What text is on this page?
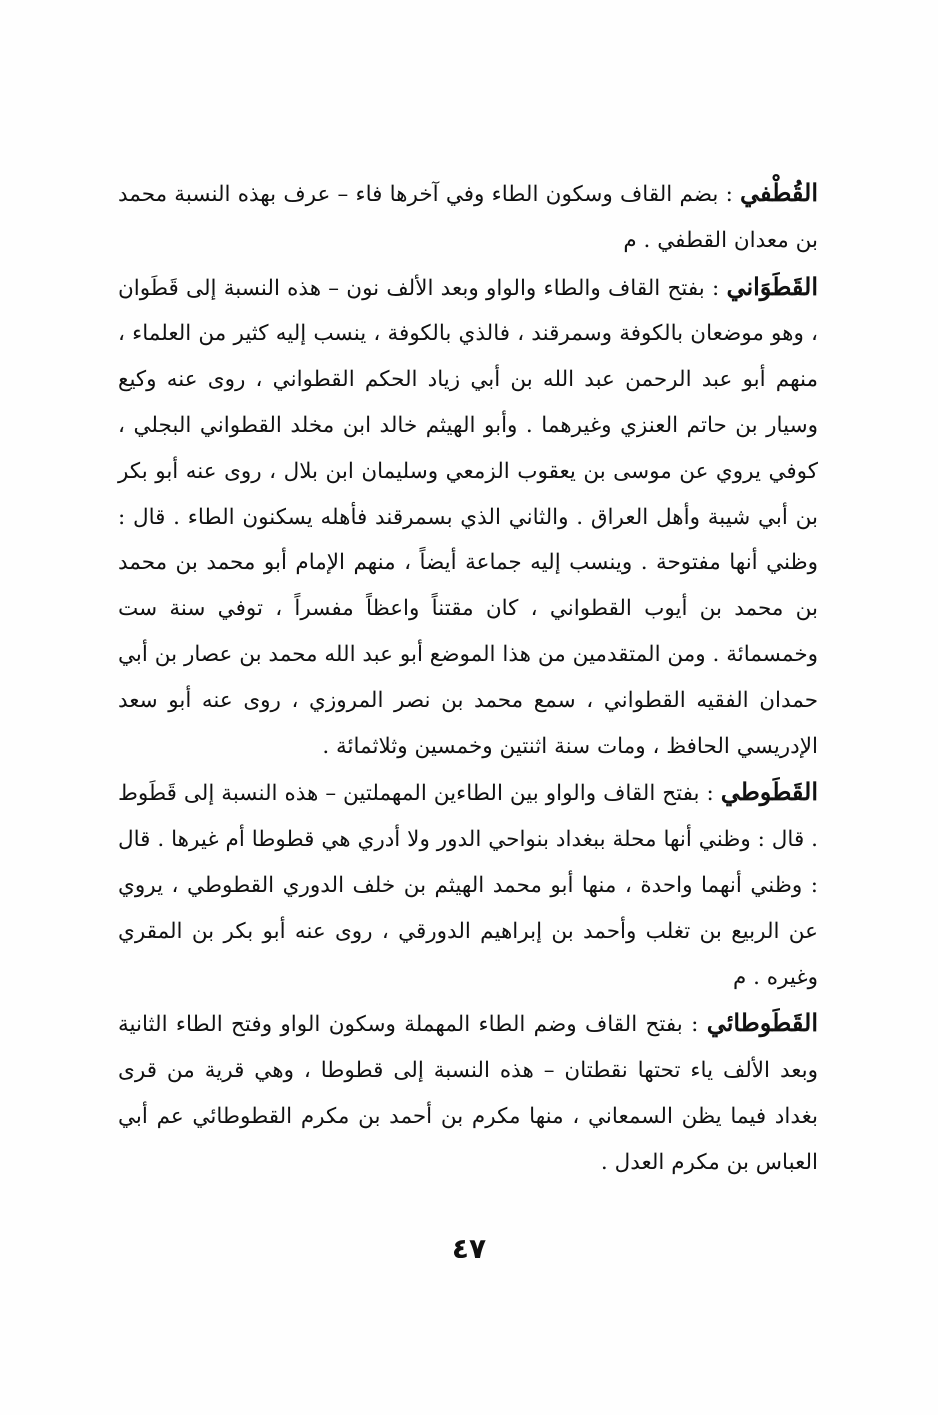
القُطْفي : بضم القاف وسكون الطاء وفي آخرها فاء – عرف بهذه النسبة محمد بن معدان القطفي . م

القَطَوَاني : بفتح القاف والطاء والواو وبعد الألف نون – هذه النسبة إلى قَطَوان ، وهو موضعان بالكوفة وسمرقند ، فالذي بالكوفة ، ينسب إليه كثير من العلماء ، منهم أبو عبد الرحمن عبد الله بن أبي زياد الحكم القطواني ، روى عنه وكيع وسيار بن حاتم العنزي وغيرهما . وأبو الهيثم خالد ابن مخلد القطواني البجلي ، كوفي يروي عن موسى بن يعقوب الزمعي وسليمان ابن بلال ، روى عنه أبو بكر بن أبي شيبة وأهل العراق . والثاني الذي بسمرقند فأهله يسكنون الطاء . قال : وظني أنها مفتوحة . وينسب إليه جماعة أيضاً ، منهم الإمام أبو محمد بن محمد بن محمد بن أيوب القطواني ، كان مقتناً واعظاً مفسراً ، توفي سنة ست وخمسمائة . ومن المتقدمين من هذا الموضع أبو عبد الله محمد بن عصار بن أبي حمدان الفقيه القطواني ، سمع محمد بن نصر المروزي ، روى عنه أبو سعد الإدريسي الحافظ ، ومات سنة اثنتين وخمسين وثلاثمائة .

القَطَوطي : بفتح القاف والواو بين الطاءين المهملتين – هذه النسبة إلى قَطَوط . قال : وظني أنها محلة ببغداد بنواحي الدور ولا أدري هي قطوطا أم غيرها . قال : وظني أنهما واحدة ، منها أبو محمد الهيثم بن خلف الدوري القطوطي ، يروي عن الربيع بن تغلب وأحمد بن إبراهيم الدورقي ، روى عنه أبو بكر بن المقري وغيره . م

القَطَوطائي : بفتح القاف وضم الطاء المهملة وسكون الواو وفتح الطاء الثانية وبعد الألف ياء تحتها نقطتان – هذه النسبة إلى قطوطا ، وهي قرية من قرى بغداد فيما يظن السمعاني ، منها مكرم بن أحمد بن مكرم القطوطائي عم أبي العباس بن مكرم العدل .

٤٧
